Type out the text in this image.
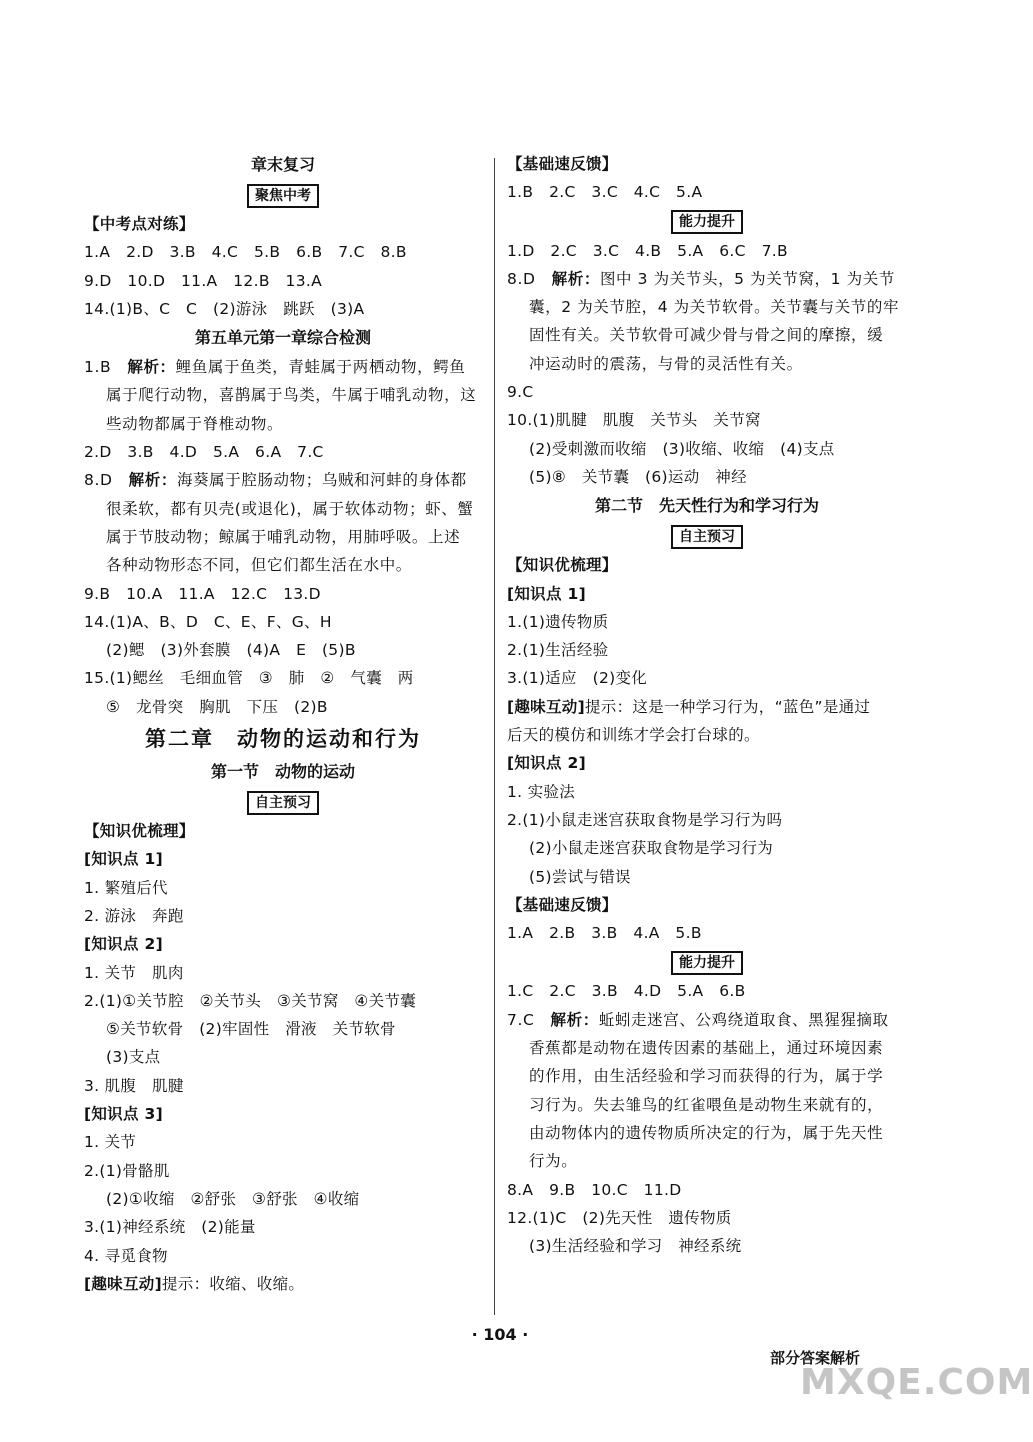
章末复习
聚焦中考
【中考点对练】
1.A　2.D　3.B　4.C　5.B　6.B　7.C　8.B
9.D　10.D　11.A　12.B　13.A
14.(1)B、C　C　(2)游泳　跳跃　(3)A
第五单元第一章综合检测
1.B　 解析：鲤鱼属于鱼类，青蛙属于两栖动物，鳄鱼
属于爬行动物，喜鹊属于鸟类，牛属于哺乳动物，这
些动物都属于脊椎动物。
2.D　3.B　4.D　5.A　6.A　7.C
8.D　 解析：海葵属于腔肠动物；乌贼和河蚌的身体都
很柔软，都有贝壳(或退化)，属于软体动物；虾、蟹
属于节肢动物；鲸属于哺乳动物，用肺呼吸。上述
各种动物形态不同，但它们都生活在水中。
9.B　10.A　11.A　12.C　13.D
14.(1)A、B、D　C、E、F、G、H
(2)鳃　(3)外套膜　(4)A　E　(5)B
15.(1)鳃丝　毛细血管　③　肺　②　气囊　两
⑤　龙骨突　胸肌　下压　(2)B
第二章　动物的运动和行为
第一节　动物的运动
自主预习
【知识优梳理】
[知识点 1]
1. 繁殖后代
2. 游泳　奔跑
[知识点 2]
1. 关节　肌肉
2.(1)①关节腔　②关节头　③关节窝　④关节囊
⑤关节软骨　(2)牢固性　滑液　关节软骨
(3)支点
3. 肌腹　肌腱
[知识点 3]
1. 关节
2.(1)骨骼肌
(2)①收缩　②舒张　③舒张　④收缩
3.(1)神经系统　(2)能量
4. 寻觅食物
[趣味互动]提示：收缩、收缩。
【基础速反馈】
1.B　2.C　3.C　4.C　5.A
能力提升
1.D　2.C　3.C　4.B　5.A　6.C　7.B
8.D　 解析：图中 3 为关节头，5 为关节窝，1 为关节
囊，2 为关节腔，4 为关节软骨。关节囊与关节的牢
固性有关。关节软骨可减少骨与骨之间的摩擦，缓
冲运动时的震荡，与骨的灵活性有关。
9.C
10.(1)肌腱　肌腹　关节头　关节窝
(2)受刺激而收缩　(3)收缩、收缩　(4)支点
(5)⑧　关节囊　(6)运动　神经
第二节　先天性行为和学习行为
自主预习
【知识优梳理】
[知识点 1]
1.(1)遗传物质
2.(1)生活经验
3.(1)适应　(2)变化
[趣味互动]提示：这是一种学习行为，“蓝色”是通过
后天的模仿和训练才学会打台球的。
[知识点 2]
1. 实验法
2.(1)小鼠走迷宫获取食物是学习行为吗
(2)小鼠走迷宫获取食物是学习行为
(5)尝试与错误
【基础速反馈】
1.A　2.B　3.B　4.A　5.B
能力提升
1.C　2.C　3.B　4.D　5.A　6.B
7.C　 解析：蚯蚓走迷宫、公鸡绕道取食、黑猩猩摘取
香蕉都是动物在遗传因素的基础上，通过环境因素
的作用，由生活经验和学习而获得的行为，属于学
习行为。失去雏鸟的红雀喂鱼是动物生来就有的，
由动物体内的遗传物质所决定的行为，属于先天性
行为。
8.A　9.B　10.C　11.D
12.(1)C　(2)先天性　遗传物质
(3)生活经验和学习　神经系统
· 104 ·
部分答案解析
MXQE.COM
